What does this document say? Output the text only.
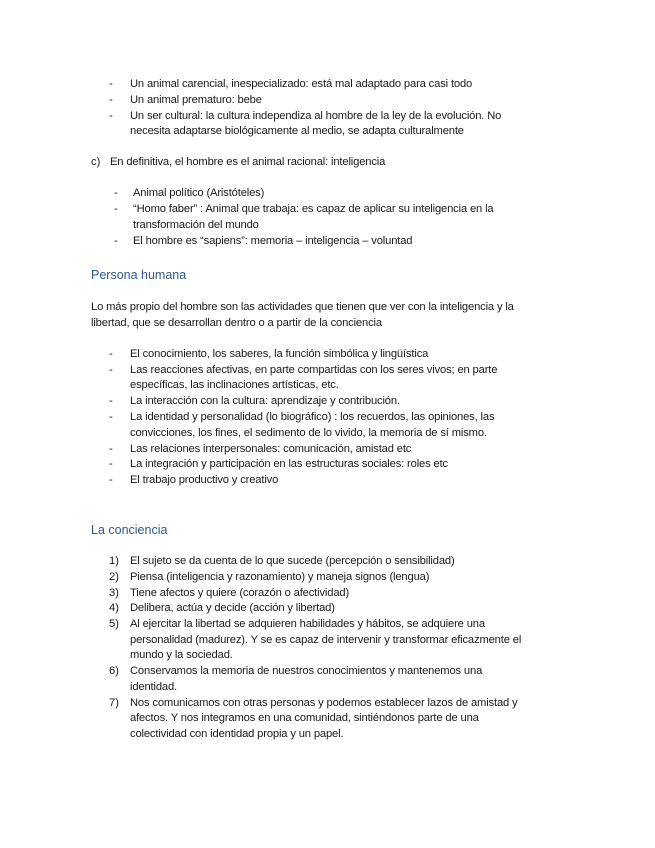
- Un animal carencial, inespecializado: está mal adaptado para casi todo
- Un animal prematuro: bebe
- Un ser cultural: la cultura independiza al hombre de la ley de la evolución. No
necesita adaptarse biológicamente al medio, se adapta culturalmente
c) En definitiva, el hombre es el animal racional: inteligencia
- Animal político (Aristóteles)
- “Homo faber” : Animal que trabaja: es capaz de aplicar su inteligencia en la
transformación del mundo
- El hombre es “sapiens”: memoria – inteligencia – voluntad
Persona humana
Lo más propio del hombre son las actividades que tienen que ver con la inteligencia y la
libertad, que se desarrollan dentro o a partir de la conciencia
- El conocimiento, los saberes, la función simbólica y lingüística
- Las reacciones afectivas, en parte compartidas con los seres vivos; en parte
específicas, las inclinaciones artísticas, etc.
- La interacción con la cultura: aprendizaje y contribución.
- La identidad y personalidad (lo biográfico) : los recuerdos, las opiniones, las
convicciones, los fines, el sedimento de lo vivido, la memoria de sí mismo.
- Las relaciones interpersonales: comunicación, amistad etc
- La integración y participación en las estructuras sociales: roles etc
- El trabajo productivo y creativo
La conciencia
1) El sujeto se da cuenta de lo que sucede (percepción o sensibilidad)
2) Piensa (inteligencia y razonamiento) y maneja signos (lengua)
3) Tiene afectos y quiere (corazón o afectividad)
4) Delibera, actúa y decide (acción y libertad)
5) Al ejercitar la libertad se adquieren habilidades y hábitos, se adquiere una
personalidad (madurez). Y se es capaz de intervenir y transformar eficazmente el
mundo y la sociedad.
6) Conservamos la memoria de nuestros conocimientos y mantenemos una
identidad.
7) Nos comunicamos con otras personas y podemos establecer lazos de amistad y
afectos. Y nos integramos en una comunidad, sintiéndonos parte de una
colectividad con identidad propia y un papel.
